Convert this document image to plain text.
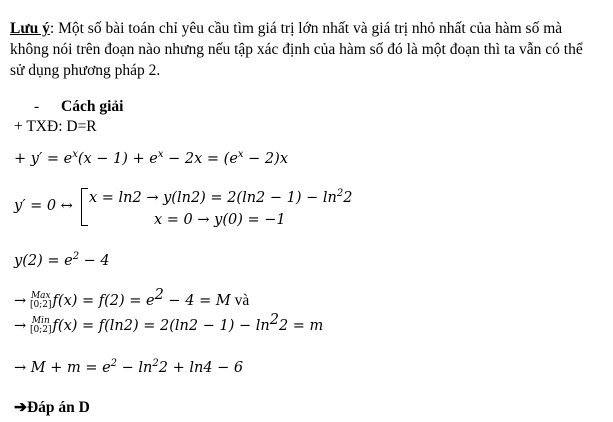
Lưu ý: Một số bài toán chỉ yêu cầu tìm giá trị lớn nhất và giá trị nhỏ nhất của hàm số mà
không nói trên đoạn nào nhưng nếu tập xác định của hàm số đó là một đoạn thì ta vẫn có thể
sử dụng phương pháp 2.
- Cách giải
+ TXĐ: D=R
+ $y' = e^x(x - 1) + e^x - 2x = (e^x - 2)x$
y′ = 0 ↔ $x = \ln 2 \to y(\ln 2) = 2(\ln 2 - 1) - \ln^22$
x = 0 → y(0) = −1
$y(2) = e^2 - 4$
→ Max
[0;2] $f(x) = f(2) = e^2 - 4 = M$ và
→ Min
[0;2] $f(x) = f(\ln 2) = 2(\ln 2 - 1) - \ln^22 = m$
→ $M + m = e^2 - \ln^22 + \ln 4 - 6$
➔Đáp án D
